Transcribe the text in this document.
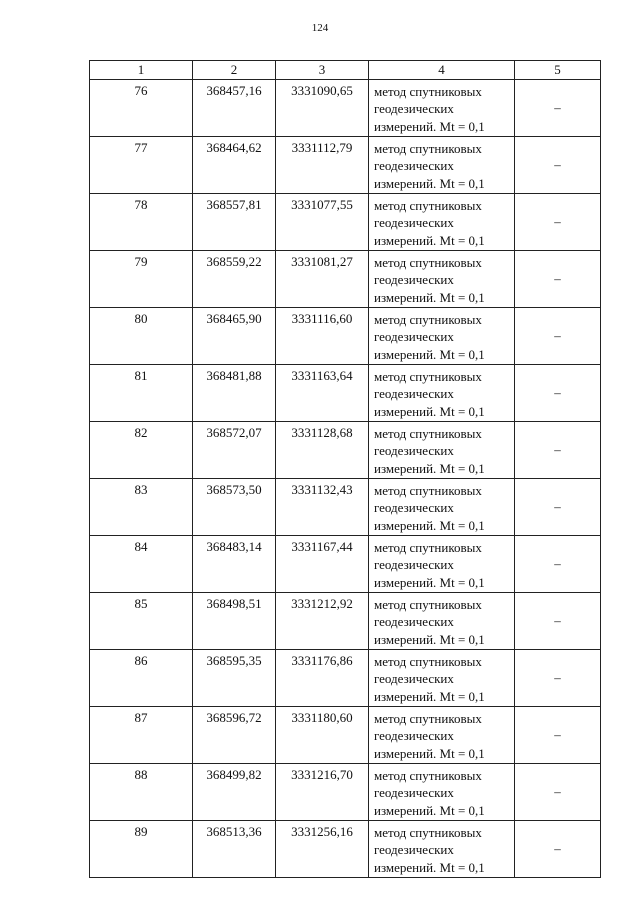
124
1	2	3	4	5
76	368457,16	3331090,65	метод спутниковых
геодезических
измерений. Mt = 0,1	–
77	368464,62	3331112,79	метод спутниковых
геодезических
измерений. Mt = 0,1	–
78	368557,81	3331077,55	метод спутниковых
геодезических
измерений. Mt = 0,1	–
79	368559,22	3331081,27	метод спутниковых
геодезических
измерений. Mt = 0,1	–
80	368465,90	3331116,60	метод спутниковых
геодезических
измерений. Mt = 0,1	–
81	368481,88	3331163,64	метод спутниковых
геодезических
измерений. Mt = 0,1	–
82	368572,07	3331128,68	метод спутниковых
геодезических
измерений. Mt = 0,1	–
83	368573,50	3331132,43	метод спутниковых
геодезических
измерений. Mt = 0,1	–
84	368483,14	3331167,44	метод спутниковых
геодезических
измерений. Mt = 0,1	–
85	368498,51	3331212,92	метод спутниковых
геодезических
измерений. Mt = 0,1	–
86	368595,35	3331176,86	метод спутниковых
геодезических
измерений. Mt = 0,1	–
87	368596,72	3331180,60	метод спутниковых
геодезических
измерений. Mt = 0,1	–
88	368499,82	3331216,70	метод спутниковых
геодезических
измерений. Mt = 0,1	–
89	368513,36	3331256,16	метод спутниковых
геодезических
измерений. Mt = 0,1	–
